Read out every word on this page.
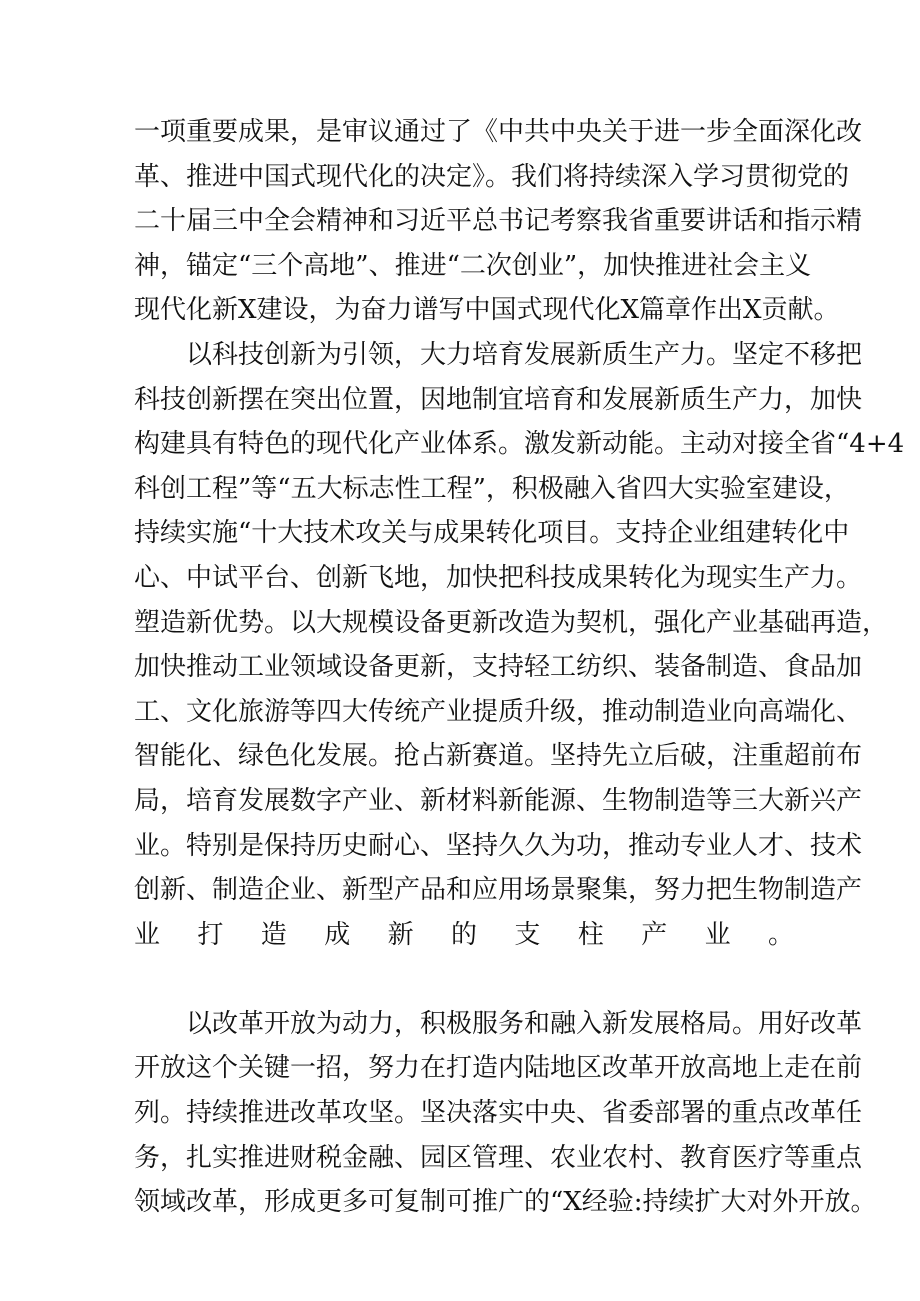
一项重要成果，是审议通过了《中共中央关于进一步全面深化改
革、推进中国式现代化的决定》。我们将持续深入学习贯彻党的
二十届三中全会精神和习近平总书记考察我省重要讲话和指示精
神，锚定“三个高地”、推进“二次创业”，加快推进社会主义
现代化新X建设，为奋力谱写中国式现代化X篇章作出X贡献。
以科技创新为引领，大力培育发展新质生产力。坚定不移把
科技创新摆在突出位置，因地制宜培育和发展新质生产力，加快
构建具有特色的现代化产业体系。激发新动能。主动对接全省“4+4
科创工程”等“五大标志性工程”，积极融入省四大实验室建设，
持续实施“十大技术攻关与成果转化项目。支持企业组建转化中
心、中试平台、创新飞地，加快把科技成果转化为现实生产力。
塑造新优势。以大规模设备更新改造为契机，强化产业基础再造，
加快推动工业领域设备更新，支持轻工纺织、装备制造、食品加
工、文化旅游等四大传统产业提质升级，推动制造业向高端化、
智能化、绿色化发展。抢占新赛道。坚持先立后破，注重超前布
局，培育发展数字产业、新材料新能源、生物制造等三大新兴产
业。特别是保持历史耐心、坚持久久为功，推动专业人才、技术
创新、制造企业、新型产品和应用场景聚集，努力把生物制造产
业打造成新的支柱产业。
以改革开放为动力，积极服务和融入新发展格局。用好改革
开放这个关键一招，努力在打造内陆地区改革开放高地上走在前
列。持续推进改革攻坚。坚决落实中央、省委部署的重点改革任
务，扎实推进财税金融、园区管理、农业农村、教育医疗等重点
领域改革，形成更多可复制可推广的“X经验:持续扩大对外开放。
